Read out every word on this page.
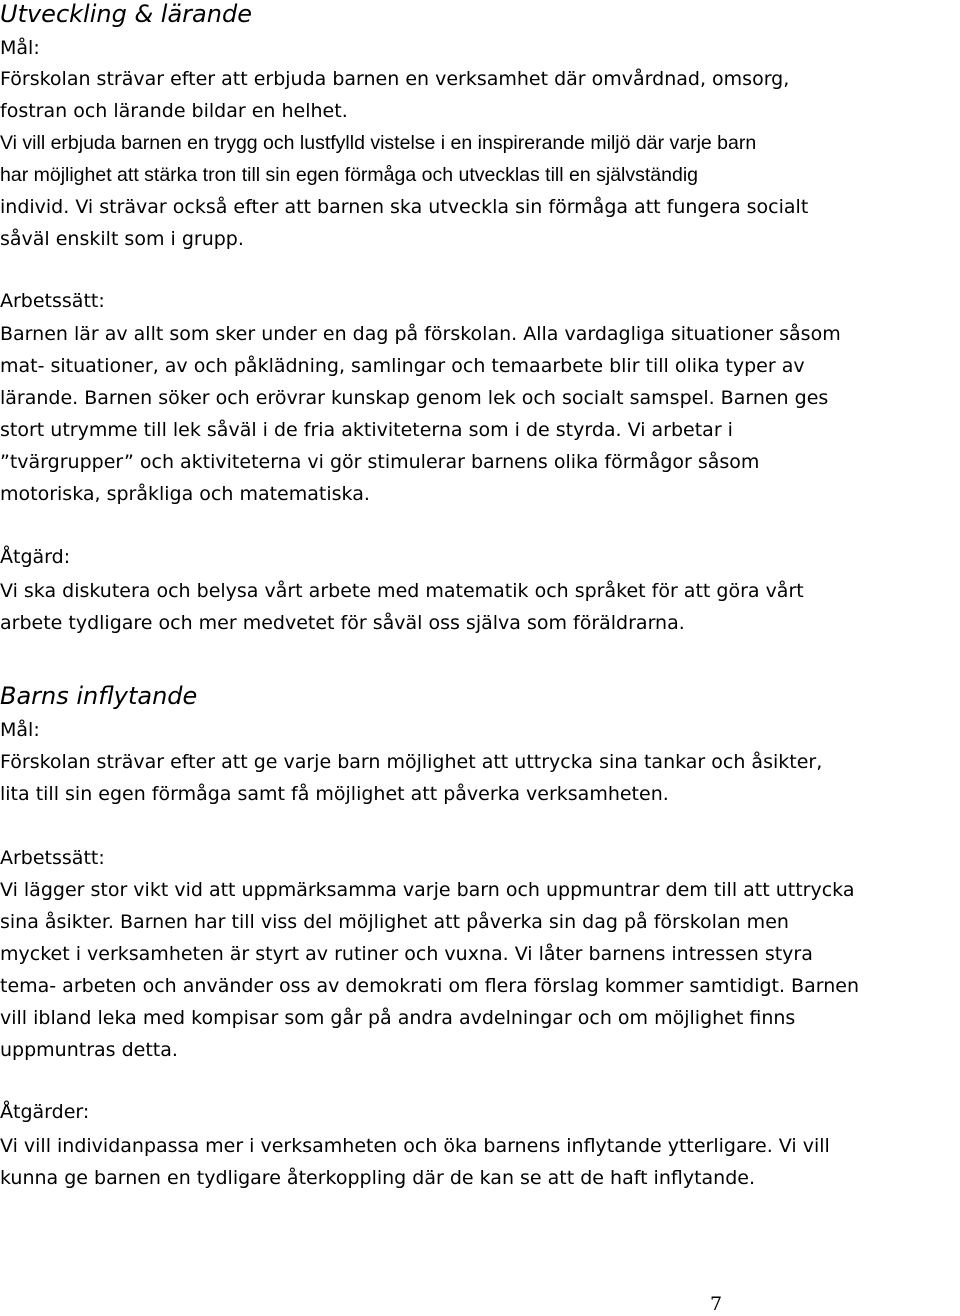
Utveckling & lärande
Mål:
Förskolan strävar efter att erbjuda barnen en verksamhet där omvårdnad, omsorg,
fostran och lärande bildar en helhet.
Vi vill erbjuda barnen en trygg och lustfylld vistelse i en inspirerande miljö där varje barn
har möjlighet att stärka tron till sin egen förmåga och utvecklas till en självständig
individ. Vi strävar också efter att barnen ska utveckla sin förmåga att fungera socialt
såväl enskilt som i grupp.
Arbetssätt:
Barnen lär av allt som sker under en dag på förskolan. Alla vardagliga situationer såsom
mat- situationer, av och påklädning, samlingar och temaarbete blir till olika typer av
lärande. Barnen söker och erövrar kunskap genom lek och socialt samspel. Barnen ges
stort utrymme till lek såväl i de fria aktiviteterna som i de styrda. Vi arbetar i
”tvärgrupper” och aktiviteterna vi gör stimulerar barnens olika förmågor såsom
motoriska, språkliga och matematiska.
Åtgärd:
Vi ska diskutera och belysa vårt arbete med matematik och språket för att göra vårt
arbete tydligare och mer medvetet för såväl oss själva som föräldrarna.
Barns inflytande
Mål:
Förskolan strävar efter att ge varje barn möjlighet att uttrycka sina tankar och åsikter,
lita till sin egen förmåga samt få möjlighet att påverka verksamheten.
Arbetssätt:
Vi lägger stor vikt vid att uppmärksamma varje barn och uppmuntrar dem till att uttrycka
sina åsikter. Barnen har till viss del möjlighet att påverka sin dag på förskolan men
mycket i verksamheten är styrt av rutiner och vuxna. Vi låter barnens intressen styra
tema- arbeten och använder oss av demokrati om flera förslag kommer samtidigt. Barnen
vill ibland leka med kompisar som går på andra avdelningar och om möjlighet finns
uppmuntras detta.
Åtgärder:
Vi vill individanpassa mer i verksamheten och öka barnens inflytande ytterligare. Vi vill
kunna ge barnen en tydligare återkoppling där de kan se att de haft inflytande.
7
